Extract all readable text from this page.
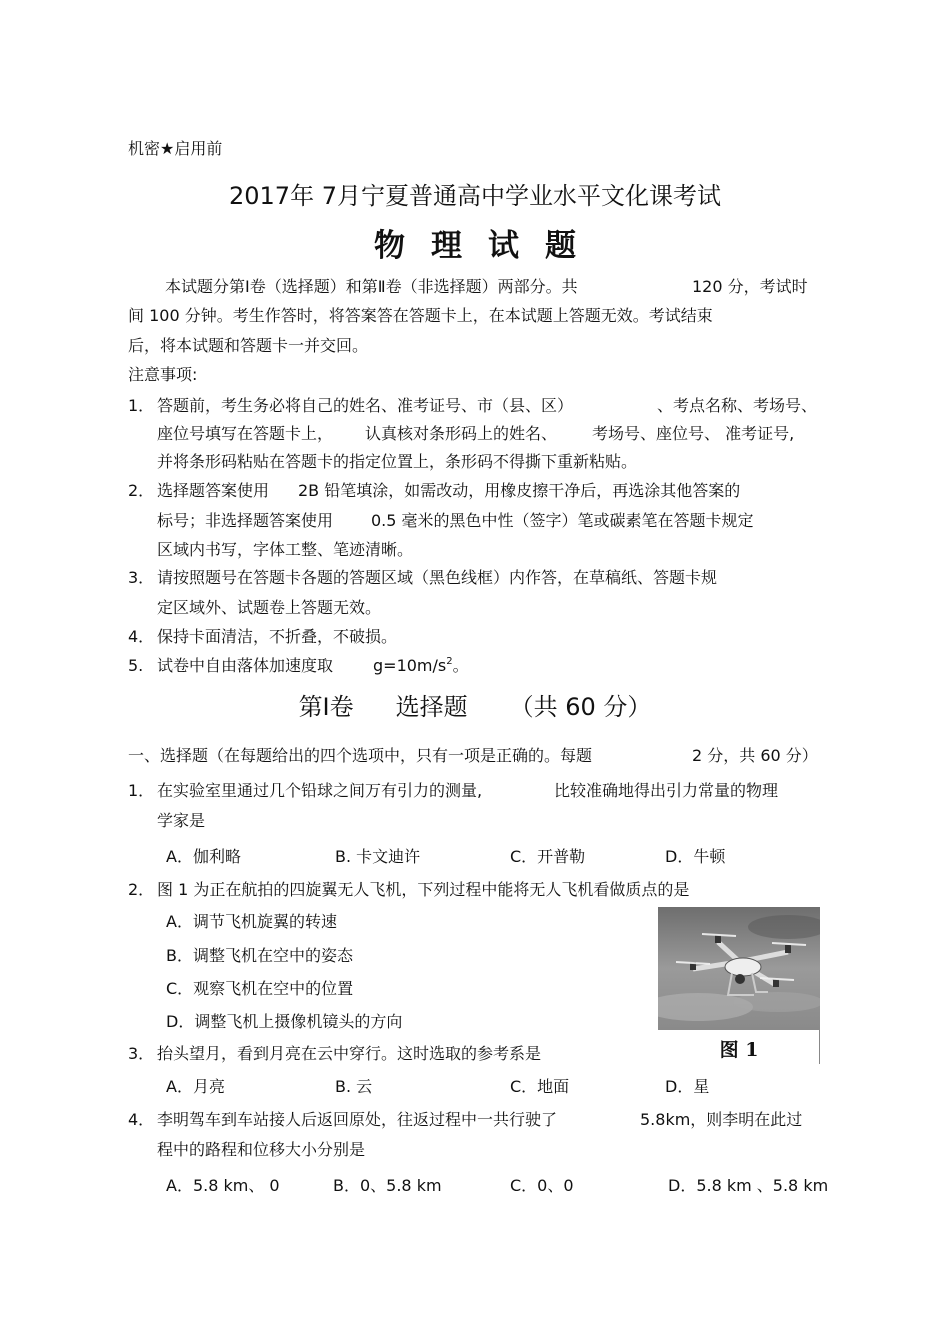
机密★启用前
2017年 7月宁夏普通高中学业水平文化课考试
物理试题
本试题分第Ⅰ卷（选择题）和第Ⅱ卷（非选择题）两部分。共	120 分，考试时
间 100 分钟。考生作答时，将答案答在答题卡上，在本试题上答题无效。考试结束
后，将本试题和答题卡一并交回。
注意事项:
1． 答题前，考生务必将自己的姓名、准考证号、市（县、区）	、考点名称、考场号、
座位号填写在答题卡上， 认真核对条形码上的姓名、 考场号、座位号、 准考证号,
并将条形码粘贴在答题卡的指定位置上，条形码不得撕下重新粘贴。
2． 选择题答案使用 2B 铅笔填涂，如需改动，用橡皮擦干净后，再选涂其他答案的
标号；非选择题答案使用 0.5 毫米的黑色中性（签字）笔或碳素笔在答题卡规定
区域内书写，字体工整、笔迹清晰。
3． 请按照题号在答题卡各题的答题区域（黑色线框）内作答，在草稿纸、答题卡规
定区域外、试题卷上答题无效。
4． 保持卡面清洁，不折叠，不破损。
5. 试卷中自由落体加速度取 $g=10m/s^2$。
第Ⅰ卷 选择题 （共 60 分）
一、选择题（在每题给出的四个选项中，只有一项是正确的。每题	2 分，共 60 分）
1． 在实验室里通过几个铅球之间万有引力的测量,	比较准确地得出引力常量的物理
学家是
A．伽利略	B. 卡文迪许	C．开普勒	D．牛顿
2． 图 1 为正在航拍的四旋翼无人飞机，下列过程中能将无人飞机看做质点的是
A．调节飞机旋翼的转速
B．调整飞机在空中的姿态
C．观察飞机在空中的位置
D．调整飞机上摄像机镜头的方向
图 1
3． 抬头望月，看到月亮在云中穿行。这时选取的参考系是
A．月亮	B. 云	C．地面	D．星
4． 李明驾车到车站接人后返回原处，往返过程中一共行驶了	5.8km，则李明在此过
程中的路程和位移大小分别是
A．5.8 km、 0	B．0、5.8 km	C．0、0	D．5.8 km 、5.8 km
